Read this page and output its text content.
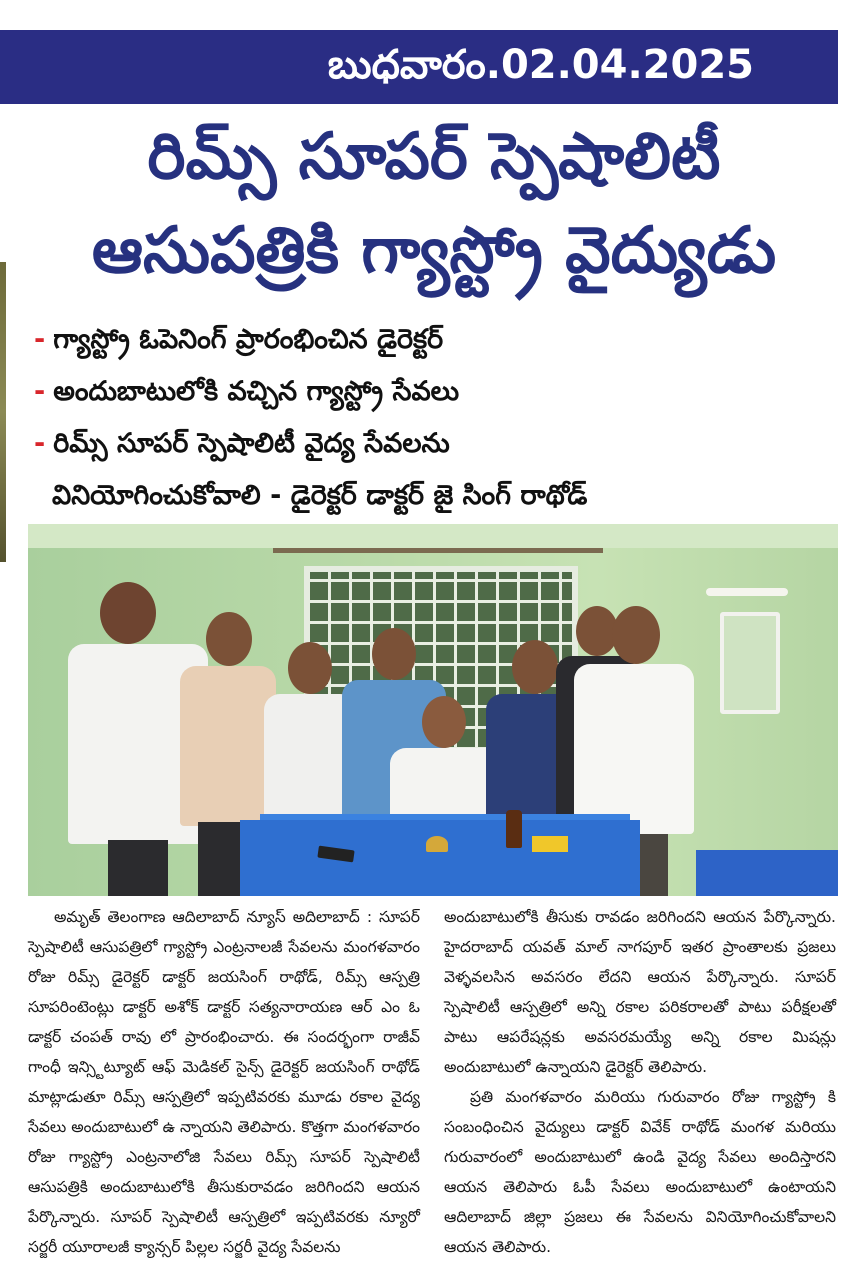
బుధవారం.02.04.2025
రిమ్స్ సూపర్ స్పెషాలిటీ
ఆసుపత్రికి గ్యాస్ట్రో వైద్యుడు
- గ్యాస్ట్రో ఓపెనింగ్ ప్రారంభించిన డైరెక్టర్
- అందుబాటులోకి వచ్చిన గ్యాస్ట్రో సేవలు
- రిమ్స్ సూపర్ స్పెషాలిటీ వైద్య సేవలను
వినియోగించుకోవాలి - డైరెక్టర్ డాక్టర్ జై సింగ్ రాథోడ్

అమృత్ తెలంగాణ ఆదిలాబాద్ న్యూస్ అదిలాబాద్ : సూపర్ స్పెషాలిటీ ఆసుపత్రిలో గ్యాస్ట్రో ఎంట్రనాలజీ సేవలను మంగళవారం రోజు రిమ్స్ డైరెక్టర్ డాక్టర్ జయసింగ్ రాథోడ్, రిమ్స్ ఆస్పత్రి సూపరింటెంట్లు డాక్టర్ అశోక్ డాక్టర్ సత్యనారాయణ ఆర్ ఎం ఓ డాక్టర్ చంపత్ రావు లో ప్రారంభించారు. ఈ సందర్భంగా రాజీవ్ గాంధీ ఇన్స్టిట్యూట్ ఆఫ్ మెడికల్ సైన్స్ డైరెక్టర్ జయసింగ్ రాథోడ్ మాట్లాడుతూ రిమ్స్ ఆస్పత్రిలో ఇప్పటివరకు మూడు రకాల వైద్య సేవలు అందుబాటులో ఉ న్నాయని తెలిపారు. కొత్తగా మంగళవారం రోజు గ్యాస్ట్రో ఎంట్రనాలోజి సేవలు రిమ్స్ సూపర్ స్పెషాలిటీ ఆసుపత్రికి అందుబాటులోకి తీసుకురావడం జరిగిందని ఆయన పేర్కొన్నారు. సూపర్ స్పెషాలిటీ ఆస్పత్రిలో ఇప్పటివరకు న్యూరో సర్జరీ యూరాలజీ క్యాన్సర్ పిల్లల సర్జరీ వైద్య సేవలను

అందుబాటులోకి తీసుకు రావడం జరిగిందని ఆయన పేర్కొన్నారు. హైదరాబాద్ యవత్ మాల్ నాగపూర్ ఇతర ప్రాంతాలకు ప్రజలు వెళ్ళవలసిన అవసరం లేదని ఆయన పేర్కొన్నారు. సూపర్ స్పెషాలిటీ ఆస్పత్రిలో అన్ని రకాల పరికరాలతో పాటు పరీక్షలతో పాటు ఆపరేషన్లకు అవసరమయ్యే అన్ని రకాల మిషన్లు అందుబాటులో ఉన్నాయని డైరెక్టర్ తెలిపారు.

ప్రతి మంగళవారం మరియు గురువారం రోజు గ్యాస్ట్రో కి సంబంధించిన వైద్యులు డాక్టర్ వివేక్ రాథోడ్ మంగళ మరియు గురువారంలో అందుబాటులో ఉండి వైద్య సేవలు అందిస్తారని ఆయన తెలిపారు ఓపీ సేవలు అందుబాటులో ఉంటాయని ఆదిలాబాద్ జిల్లా ప్రజలు ఈ సేవలను వినియోగించుకోవాలని ఆయన తెలిపారు.
